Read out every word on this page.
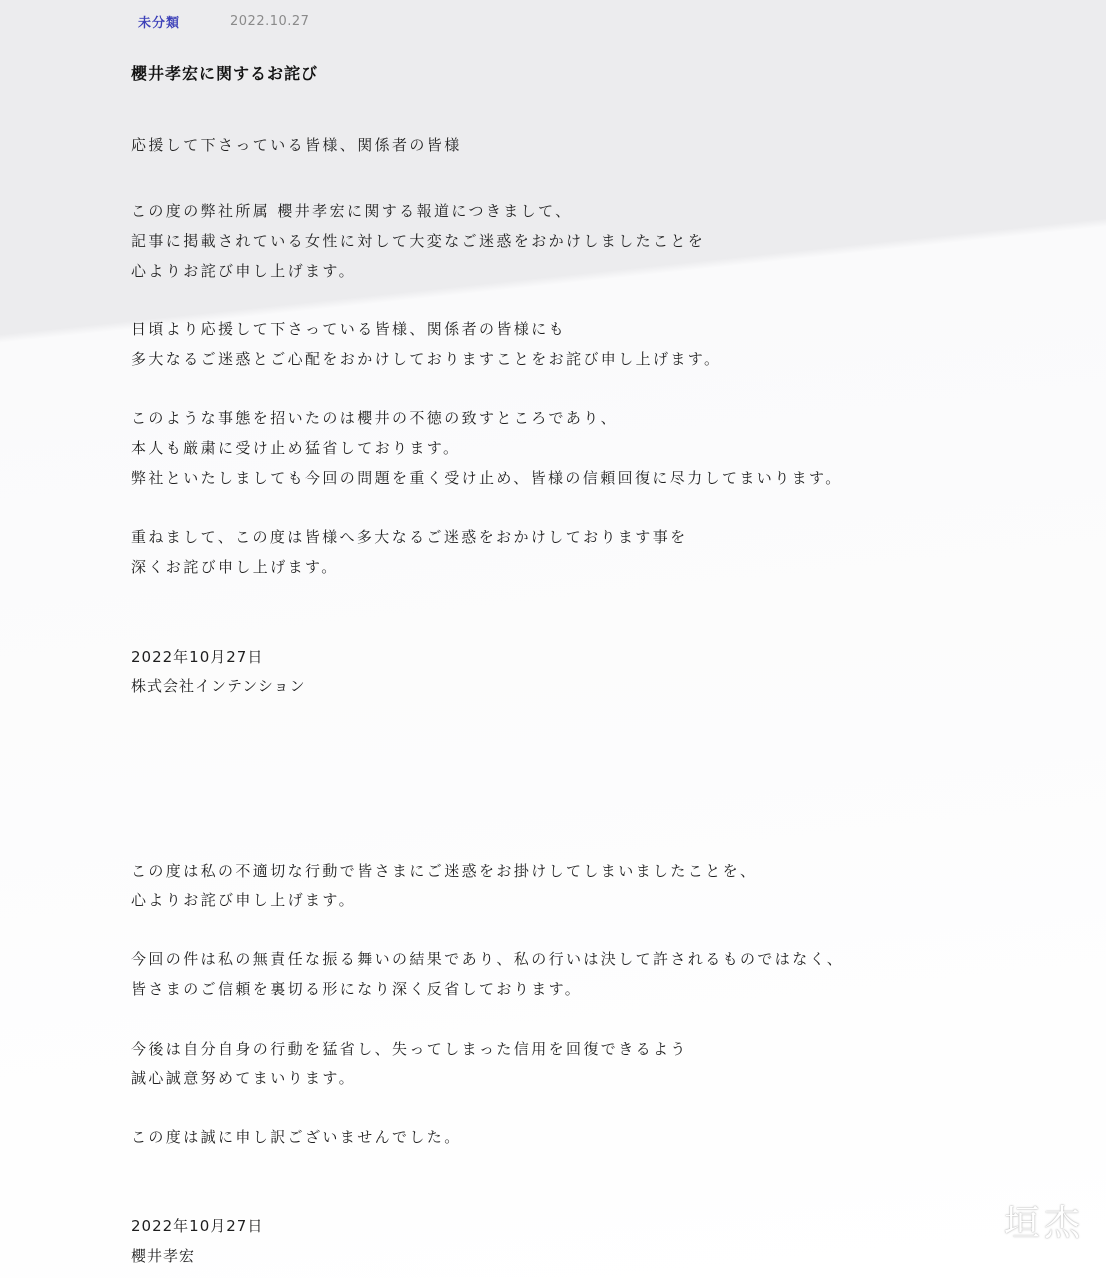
未分類	2022.10.27
櫻井孝宏に関するお詫び
応援して下さっている皆様、関係者の皆様
この度の弊社所属 櫻井孝宏に関する報道につきまして、
記事に掲載されている女性に対して大変なご迷惑をおかけしましたことを
心よりお詫び申し上げます。
日頃より応援して下さっている皆様、関係者の皆様にも
多大なるご迷惑とご心配をおかけしておりますことをお詫び申し上げます。
このような事態を招いたのは櫻井の不徳の致すところであり、
本人も厳粛に受け止め猛省しております。
弊社といたしましても今回の問題を重く受け止め、皆様の信頼回復に尽力してまいります。
重ねまして、この度は皆様へ多大なるご迷惑をおかけしております事を
深くお詫び申し上げます。
2022年10月27日
株式会社インテンション
この度は私の不適切な行動で皆さまにご迷惑をお掛けしてしまいましたことを、
心よりお詫び申し上げます。
今回の件は私の無責任な振る舞いの結果であり、私の行いは決して許されるものではなく、
皆さまのご信頼を裏切る形になり深く反省しております。
今後は自分自身の行動を猛省し、失ってしまった信用を回復できるよう
誠心誠意努めてまいります。
この度は誠に申し訳ございませんでした。
2022年10月27日
櫻井孝宏
垣杰
